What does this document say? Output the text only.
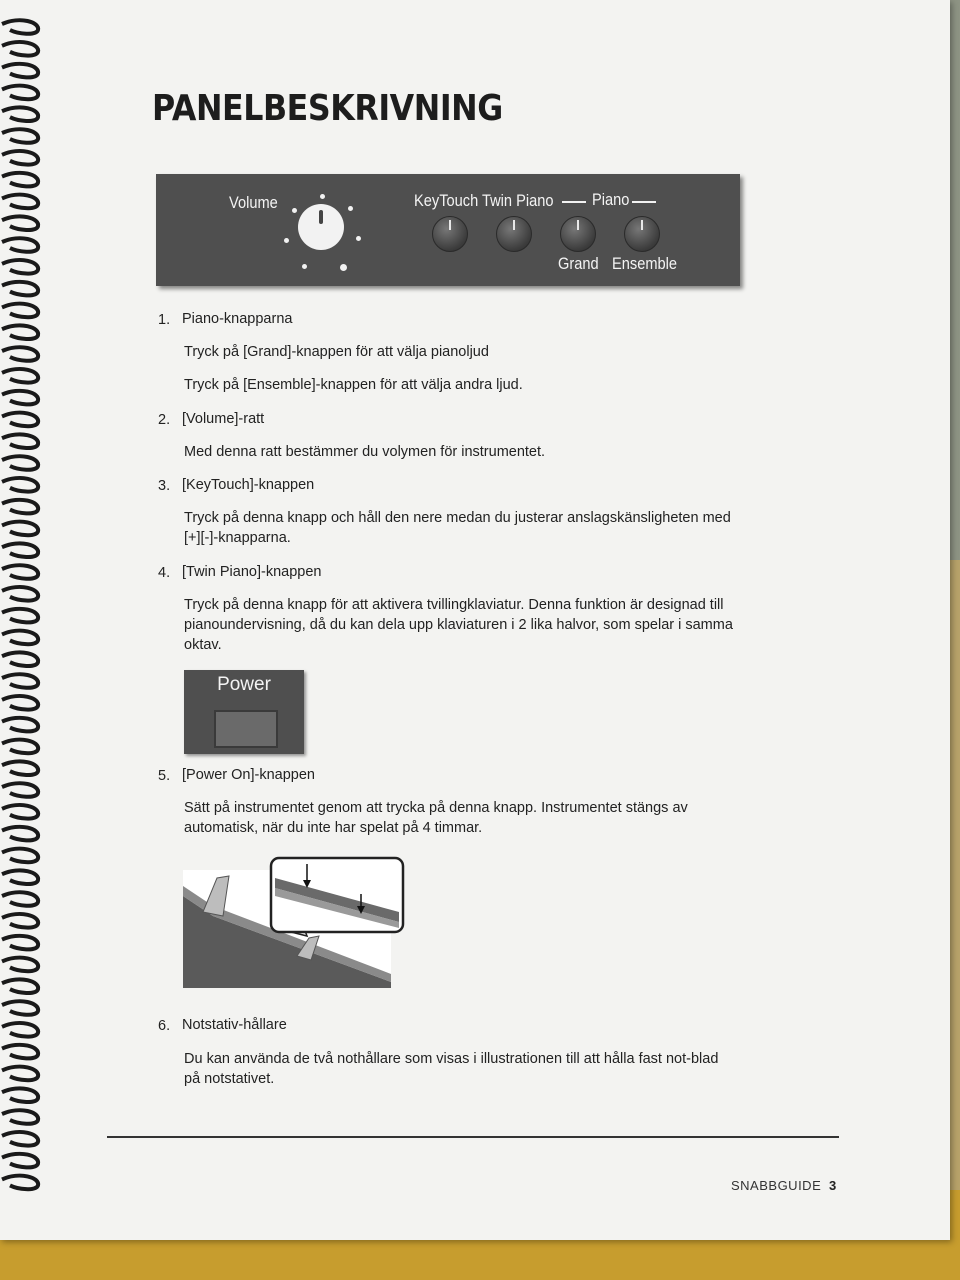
PANELBESKRIVNING
Volume	KeyTouch Twin Piano Piano
Grand Ensemble
1. Piano-knapparna
Tryck på [Grand]-knappen för att välja pianoljud
Tryck på [Ensemble]-knappen för att välja andra ljud.
2. [Volume]-ratt
Med denna ratt bestämmer du volymen för instrumentet.
3. [KeyTouch]-knappen
Tryck på denna knapp och håll den nere medan du justerar anslagskänsligheten med [+][-]-knapparna.
4. [Twin Piano]-knappen
Tryck på denna knapp för att aktivera tvillingklaviatur. Denna funktion är designad till pianoundervisning, då du kan dela upp klaviaturen i 2 lika halvor, som spelar i samma oktav.
Power
5. [Power On]-knappen
Sätt på instrumentet genom att trycka på denna knapp. Instrumentet stängs av automatisk, när du inte har spelat på 4 timmar.
6. Notstativ-hållare
Du kan använda de två nothållare som visas i illustrationen till att hålla fast not-blad på notstativet.
SNABBGUIDE 3
